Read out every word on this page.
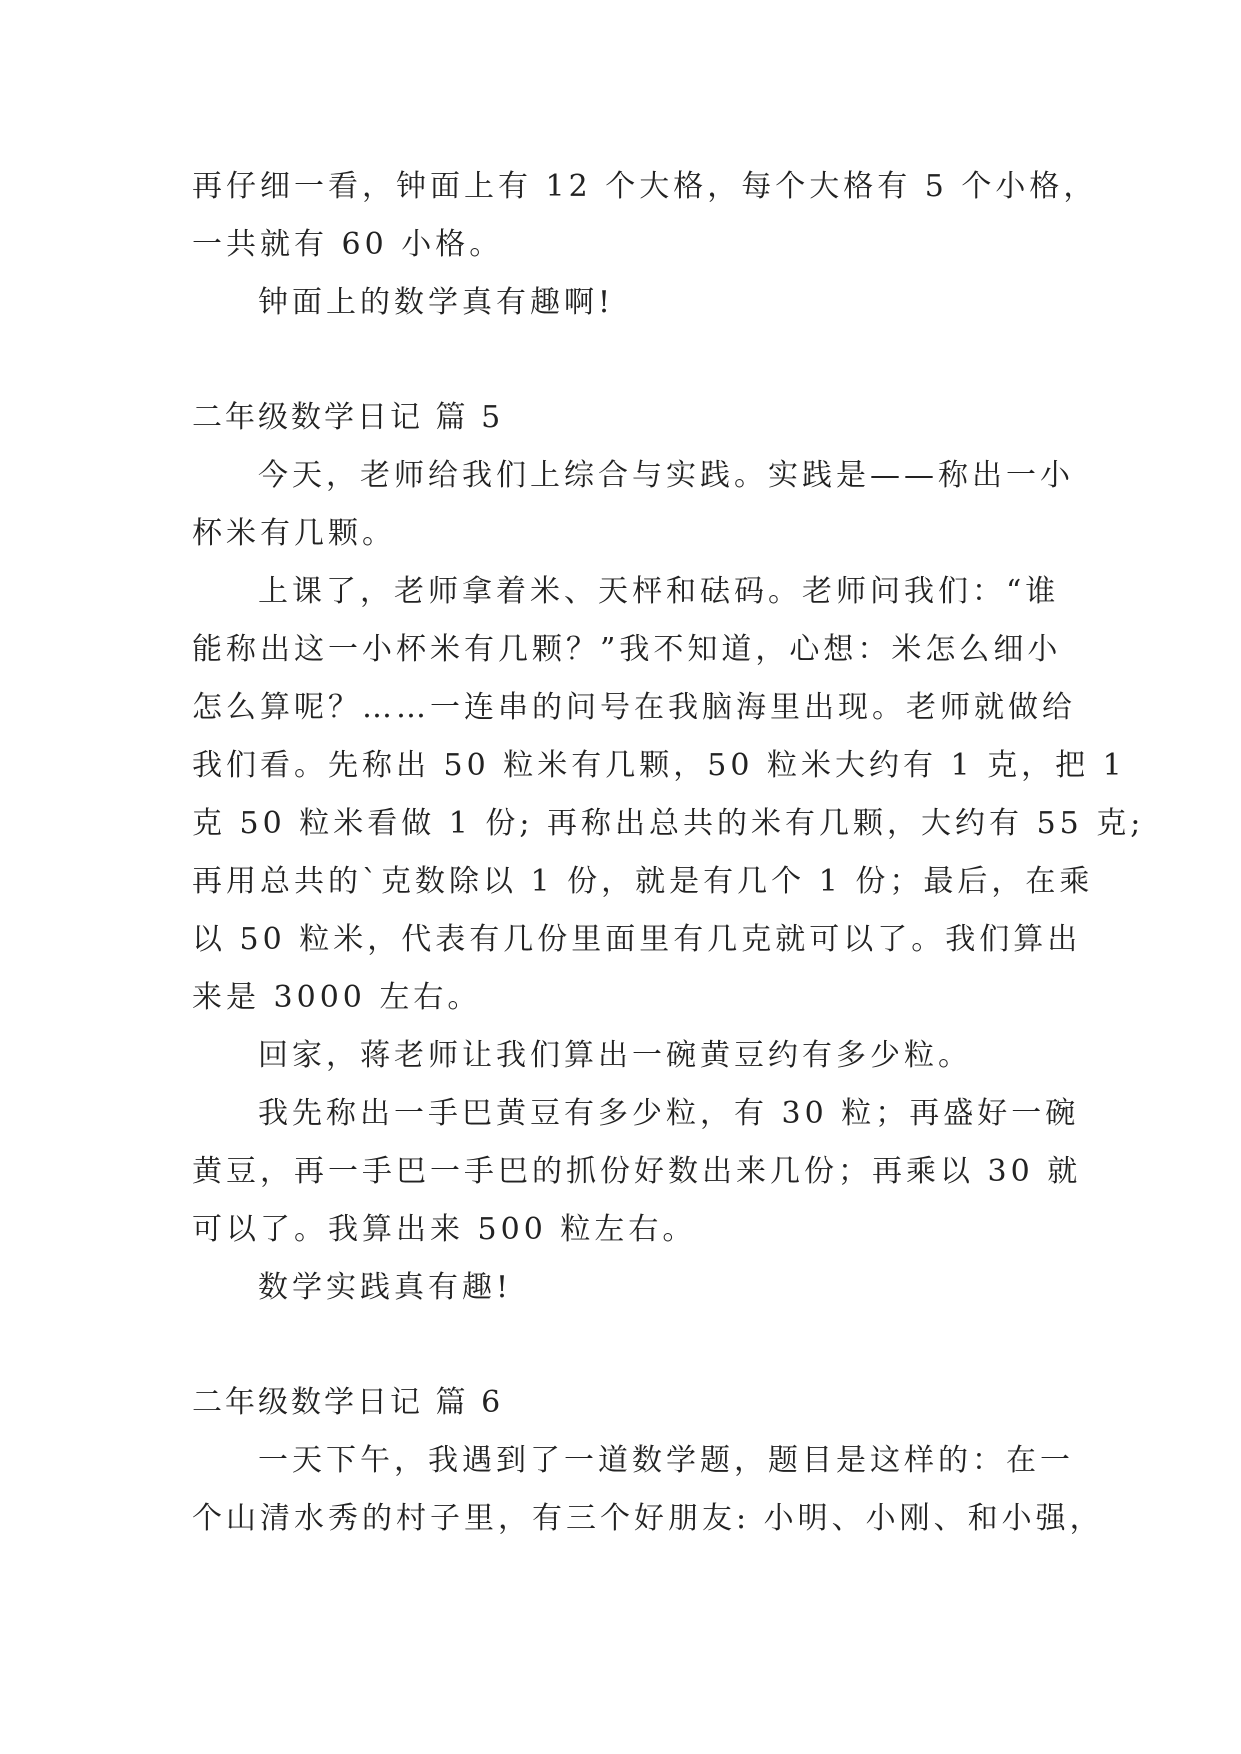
再仔细一看，钟面上有 12 个大格，每个大格有 5 个小格，
一共就有 60 小格。
钟面上的数学真有趣啊!
二年级数学日记 篇 5
今天，老师给我们上综合与实践。实践是——称出一小
杯米有几颗。
上课了，老师拿着米、天枰和砝码。老师问我们：“谁
能称出这一小杯米有几颗？”我不知道，心想：米怎么细小
怎么算呢？……一连串的问号在我脑海里出现。老师就做给
我们看。先称出 50 粒米有几颗，50 粒米大约有 1 克，把 1
克 50 粒米看做 1 份; 再称出总共的米有几颗，大约有 55 克;
再用总共的`克数除以 1 份，就是有几个 1 份；最后，在乘
以 50 粒米，代表有几份里面里有几克就可以了。我们算出
来是 3000 左右。
回家，蒋老师让我们算出一碗黄豆约有多少粒。
我先称出一手巴黄豆有多少粒，有 30 粒；再盛好一碗
黄豆，再一手巴一手巴的抓份好数出来几份；再乘以 30 就
可以了。我算出来 500 粒左右。
数学实践真有趣!
二年级数学日记 篇 6
一天下午，我遇到了一道数学题，题目是这样的：在一
个山清水秀的村子里，有三个好朋友: 小明、小刚、和小强，
